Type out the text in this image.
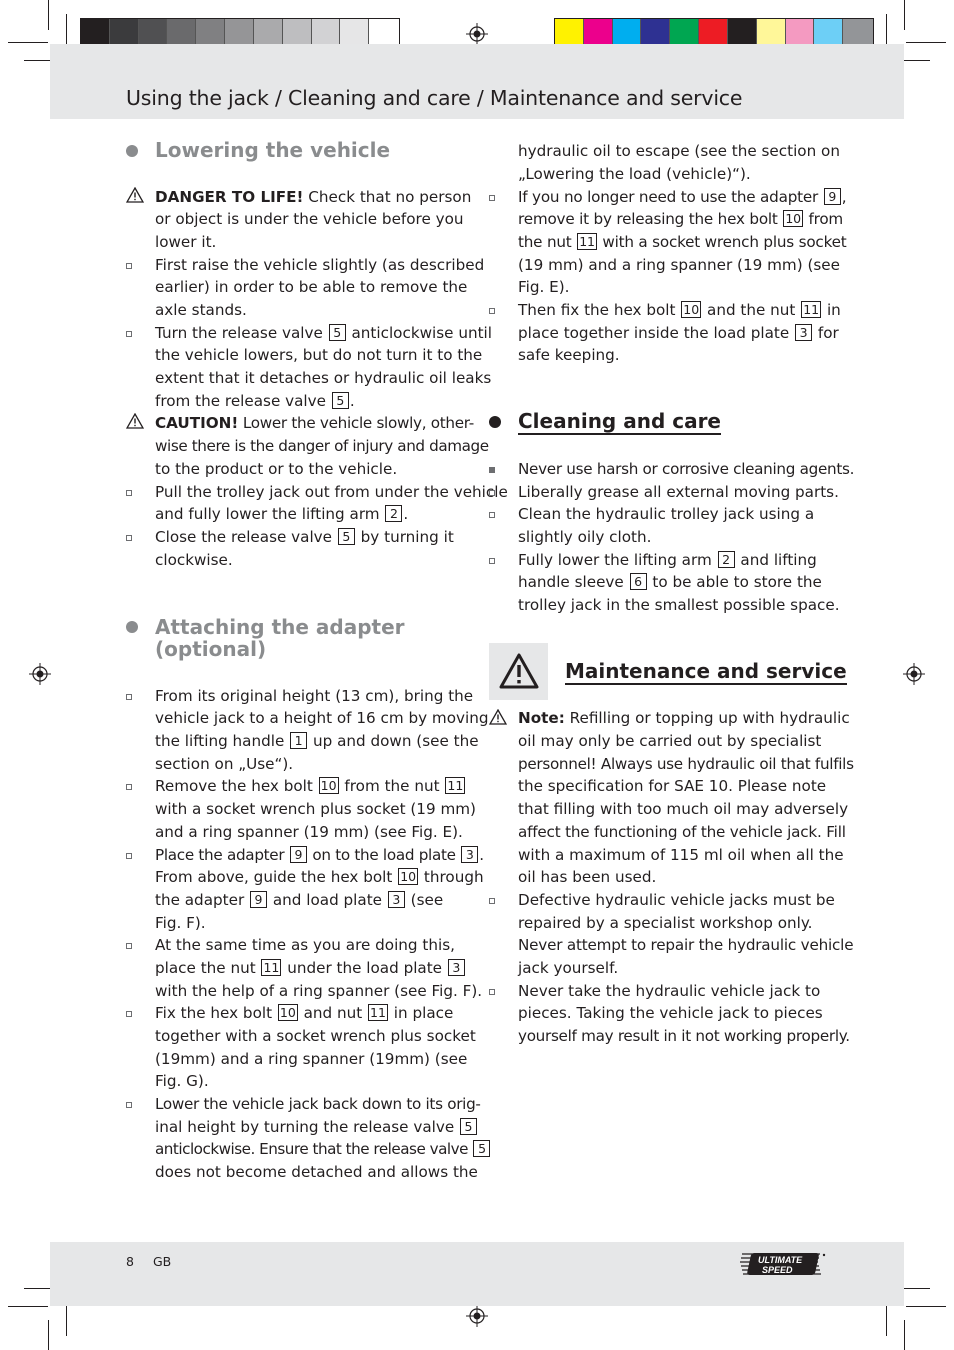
Using the jack / Cleaning and care / Maintenance and service
Lowering the vehicle
DANGER TO LIFE! Check that no person
or object is under the vehicle before you
lower it.
First raise the vehicle slightly (as described
earlier) in order to be able to remove the
axle stands.
Turn the release valve 5 anticlockwise until
the vehicle lowers, but do not turn it to the
extent that it detaches or hydraulic oil leaks
from the release valve 5 .
CAUTION! Lower the vehicle slowly, other-
wise there is the danger of injury and damage
to the product or to the vehicle.
Pull the trolley jack out from under the vehicle
and fully lower the lifting arm 2 .
Close the release valve 5 by turning it
clockwise.
Attaching the adapter
(optional)
From its original height (13 cm), bring the
vehicle jack to a height of 16 cm by moving
the lifting handle 1 up and down (see the
section on „Use“).
Remove the hex bolt 10 from the nut 11
with a socket wrench plus socket (19 mm)
and a ring spanner (19 mm) (see Fig. E).
Place the adapter 9 on to the load plate 3 .
From above, guide the hex bolt 10 through
the adapter 9 and load plate 3 (see
Fig. F).
At the same time as you are doing this,
place the nut 11 under the load plate 3
with the help of a ring spanner (see Fig. F).
Fix the hex bolt 10 and nut 11 in place
together with a socket wrench plus socket
(19mm) and a ring spanner (19mm) (see
Fig. G).
Lower the vehicle jack back down to its orig-
inal height by turning the release valve 5
anticlockwise. Ensure that the release valve 5
does not become detached and allows the
hydraulic oil to escape (see the section on
„Lowering the load (vehicle)“).
If you no longer need to use the adapter 9 ,
remove it by releasing the hex bolt 10 from
the nut 11 with a socket wrench plus socket
(19 mm) and a ring spanner (19 mm) (see
Fig. E).
Then fix the hex bolt 10 and the nut 11 in
place together inside the load plate 3 for
safe keeping.
Cleaning and care
Never use harsh or corrosive cleaning agents.
Liberally grease all external moving parts.
Clean the hydraulic trolley jack using a
slightly oily cloth.
Fully lower the lifting arm 2 and lifting
handle sleeve 6 to be able to store the
trolley jack in the smallest possible space.
Maintenance and service
Note: Refilling or topping up with hydraulic
oil may only be carried out by specialist
personnel! Always use hydraulic oil that fulfils
the specification for SAE 10. Please note
that filling with too much oil may adversely
affect the functioning of the vehicle jack. Fill
with a maximum of 115 ml oil when all the
oil has been used.
Defective hydraulic vehicle jacks must be
repaired by a specialist workshop only.
Never attempt to repair the hydraulic vehicle
jack yourself.
Never take the hydraulic vehicle jack to
pieces. Taking the vehicle jack to pieces
yourself may result in it not working properly.
8 GB	ULTIMATE
SPEED
